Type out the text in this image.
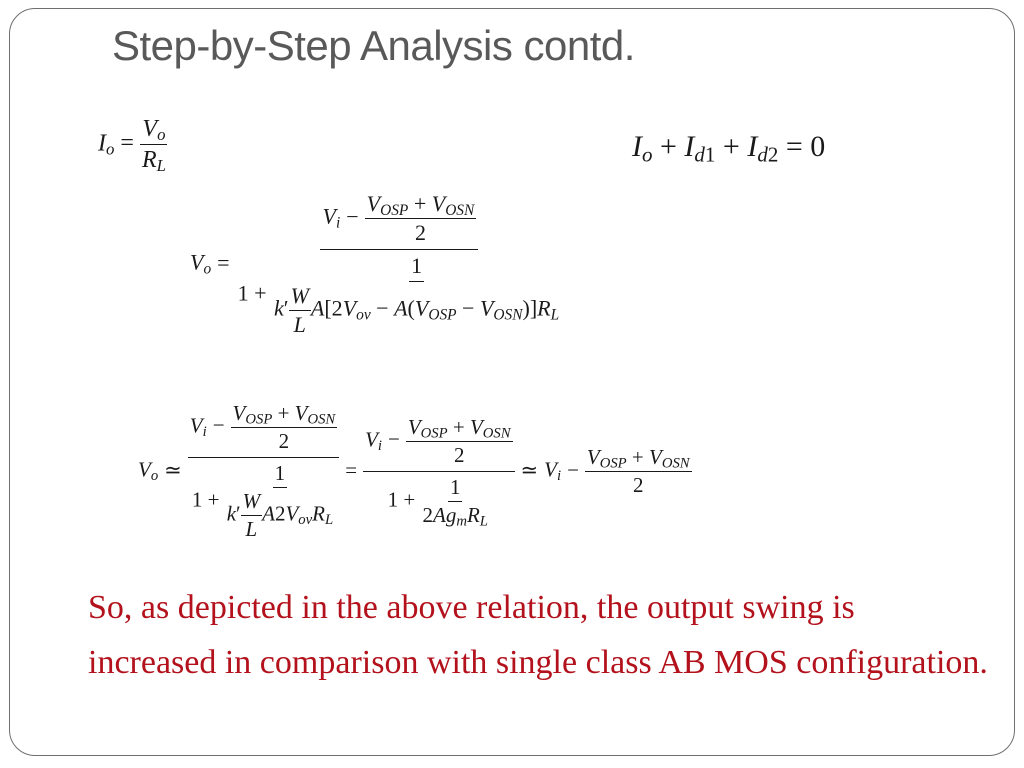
Step-by-Step Analysis contd.
$I_o = \frac{V_o}{R_L}$	$I_o + I_{d1} + I_{d2} = 0$
$V_o = \frac{V_i - \frac{V_{OSP} + V_{OSN}}{2}}{1 + \frac{1}{k' \frac{W}{L} A[2V_{ov} - A(V_{OSP} - V_{OSN})]R_L}}$
$V_o$ ≃ $\frac{V_i - \frac{V_{OSP} + V_{OSN}}{2}}{1 + \frac{1}{k' \frac{W}{L} A2V_{ov}R_L}} = \frac{V_i - \frac{V_{OSP} + V_{OSN}}{2}}{1 + \frac{1}{2Ag_mR_L}}$ ≃ $V_i - \frac{V_{OSP} + V_{OSN}}{2}$
So, as depicted in the above relation, the output swing is increased in comparison with single class AB MOS configuration.
